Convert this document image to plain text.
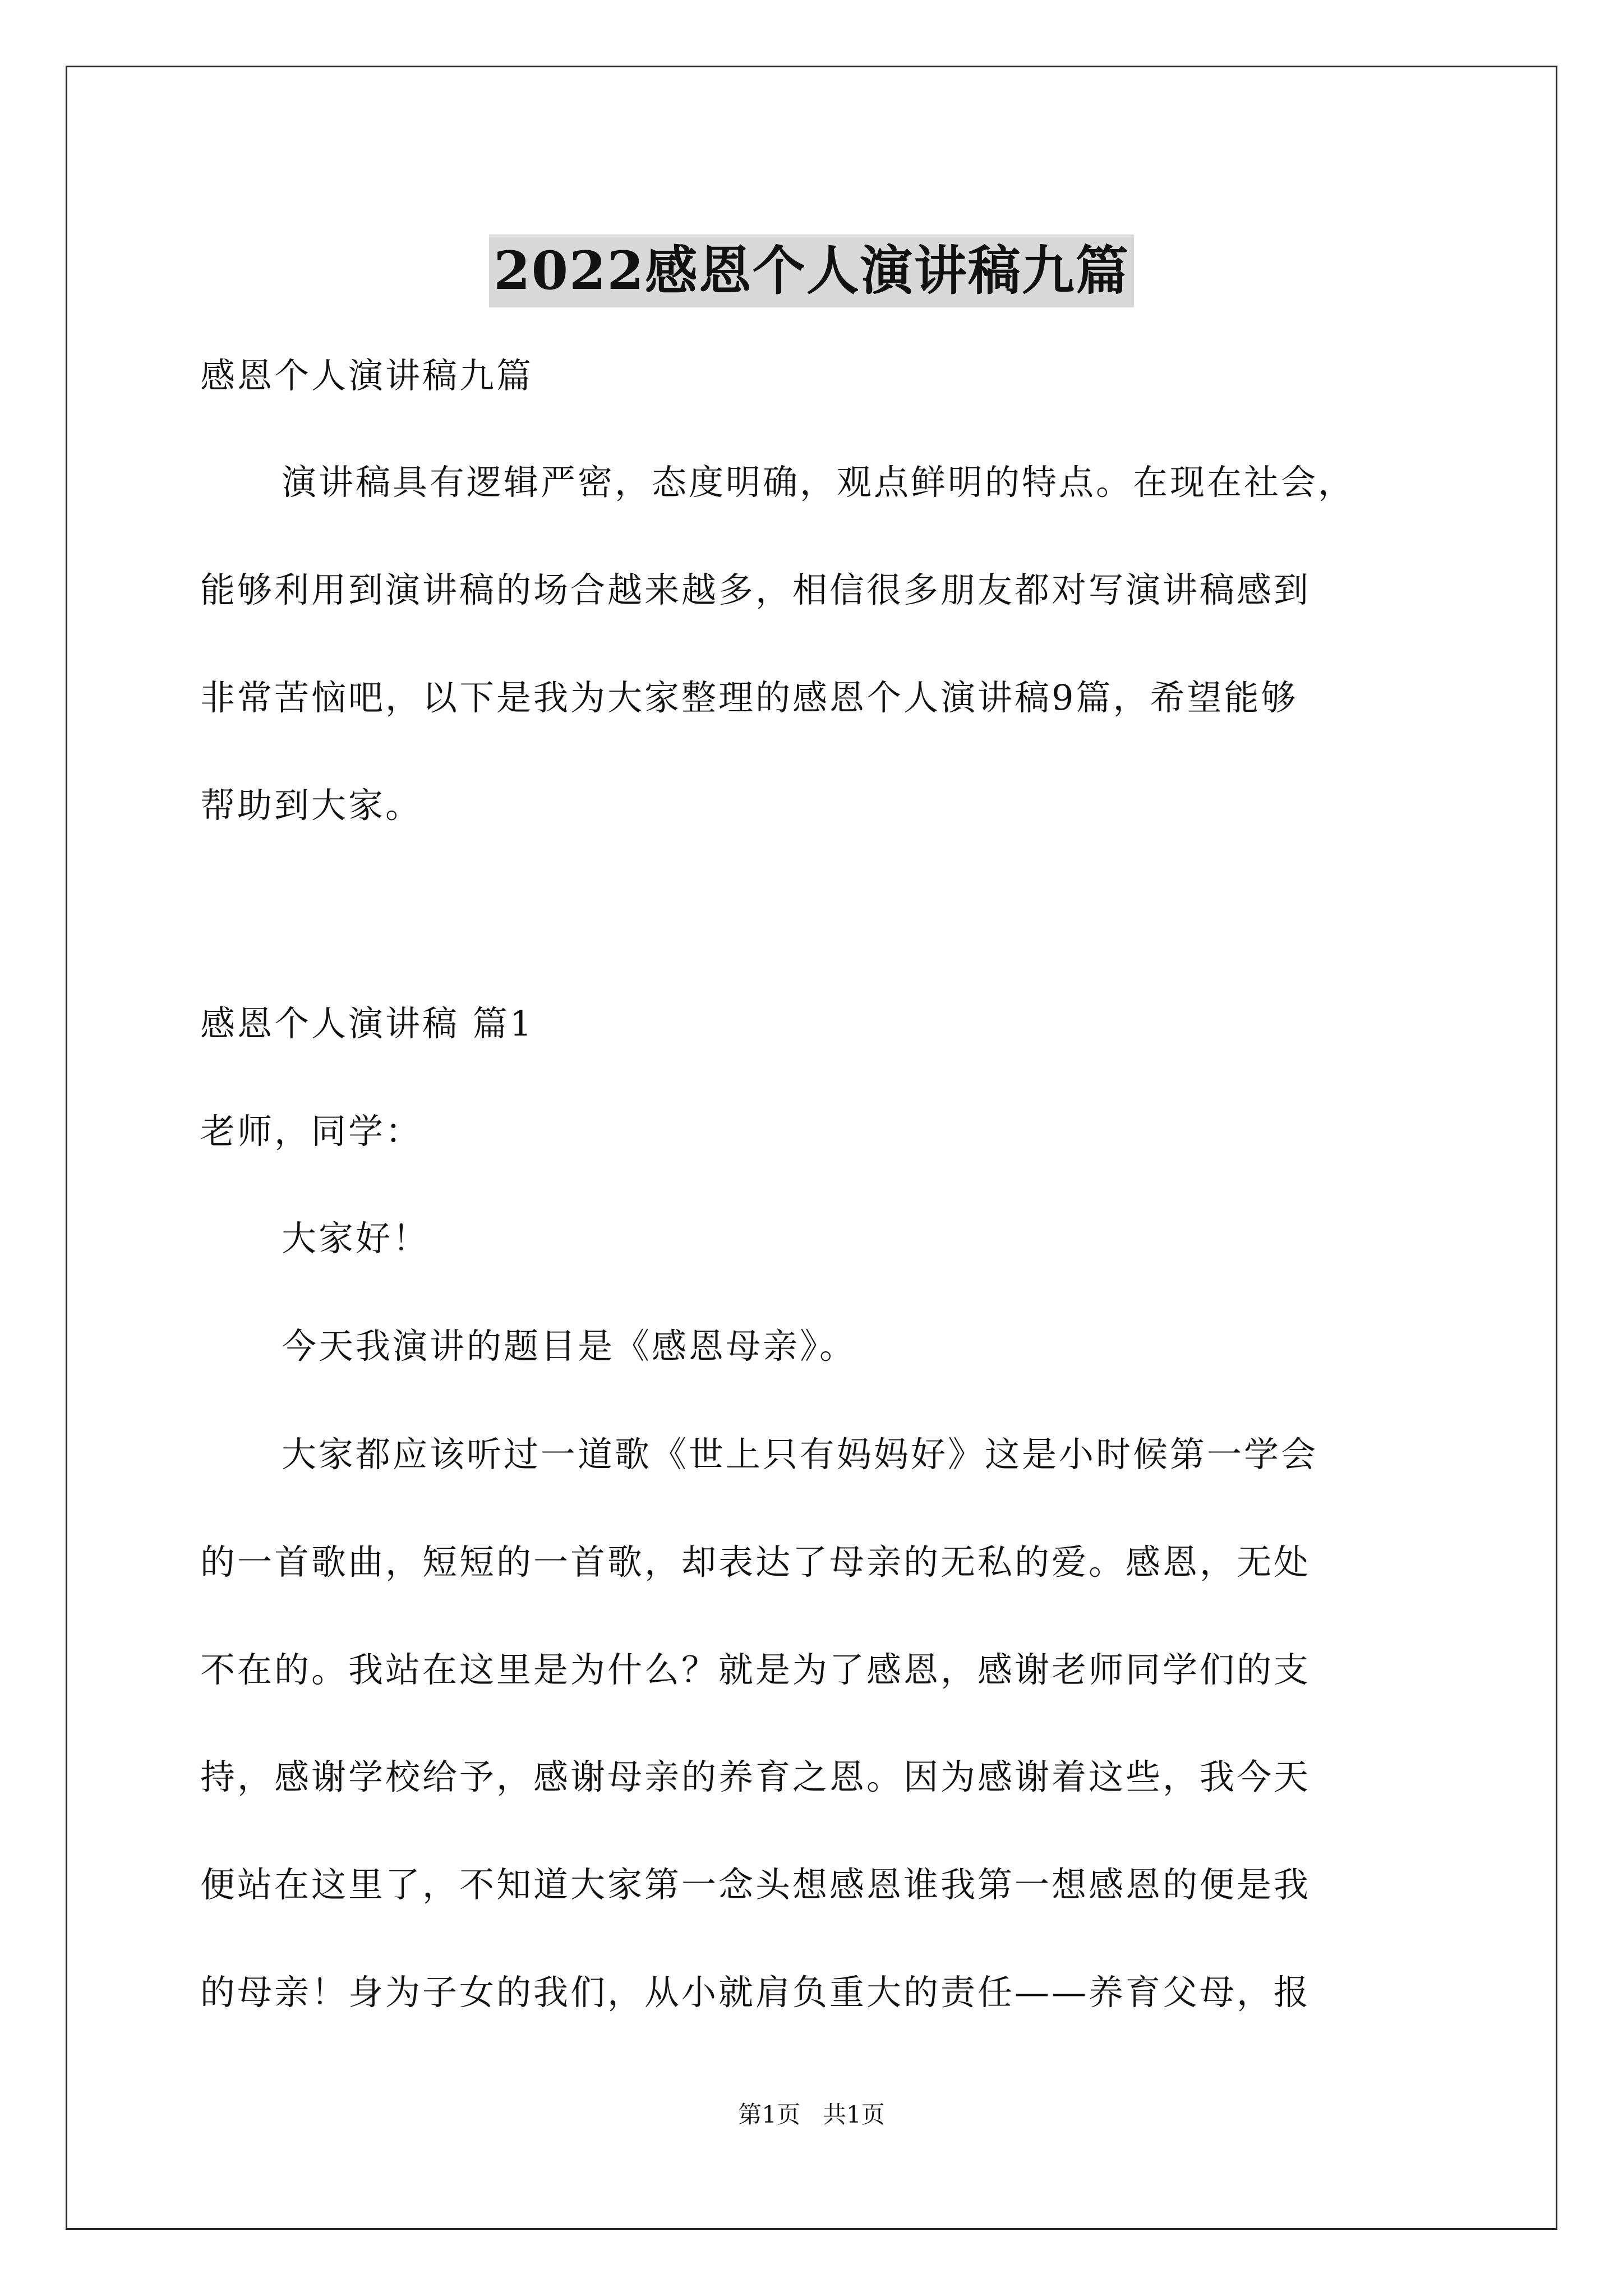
2022感恩个人演讲稿九篇

感恩个人演讲稿九篇

演讲稿具有逻辑严密，态度明确，观点鲜明的特点。在现在社会，

能够利用到演讲稿的场合越来越多，相信很多朋友都对写演讲稿感到

非常苦恼吧，以下是我为大家整理的感恩个人演讲稿9篇，希望能够

帮助到大家。

感恩个人演讲稿 篇1

老师，同学：

大家好！

今天我演讲的题目是《感恩母亲》。

大家都应该听过一道歌《世上只有妈妈好》这是小时候第一学会

的一首歌曲，短短的一首歌，却表达了母亲的无私的爱。感恩，无处

不在的。我站在这里是为什么？就是为了感恩，感谢老师同学们的支

持，感谢学校给予，感谢母亲的养育之恩。因为感谢着这些，我今天

便站在这里了，不知道大家第一念头想感恩谁我第一想感恩的便是我

的母亲！身为子女的我们，从小就肩负重大的责任——养育父母，报

第1页 共1页
